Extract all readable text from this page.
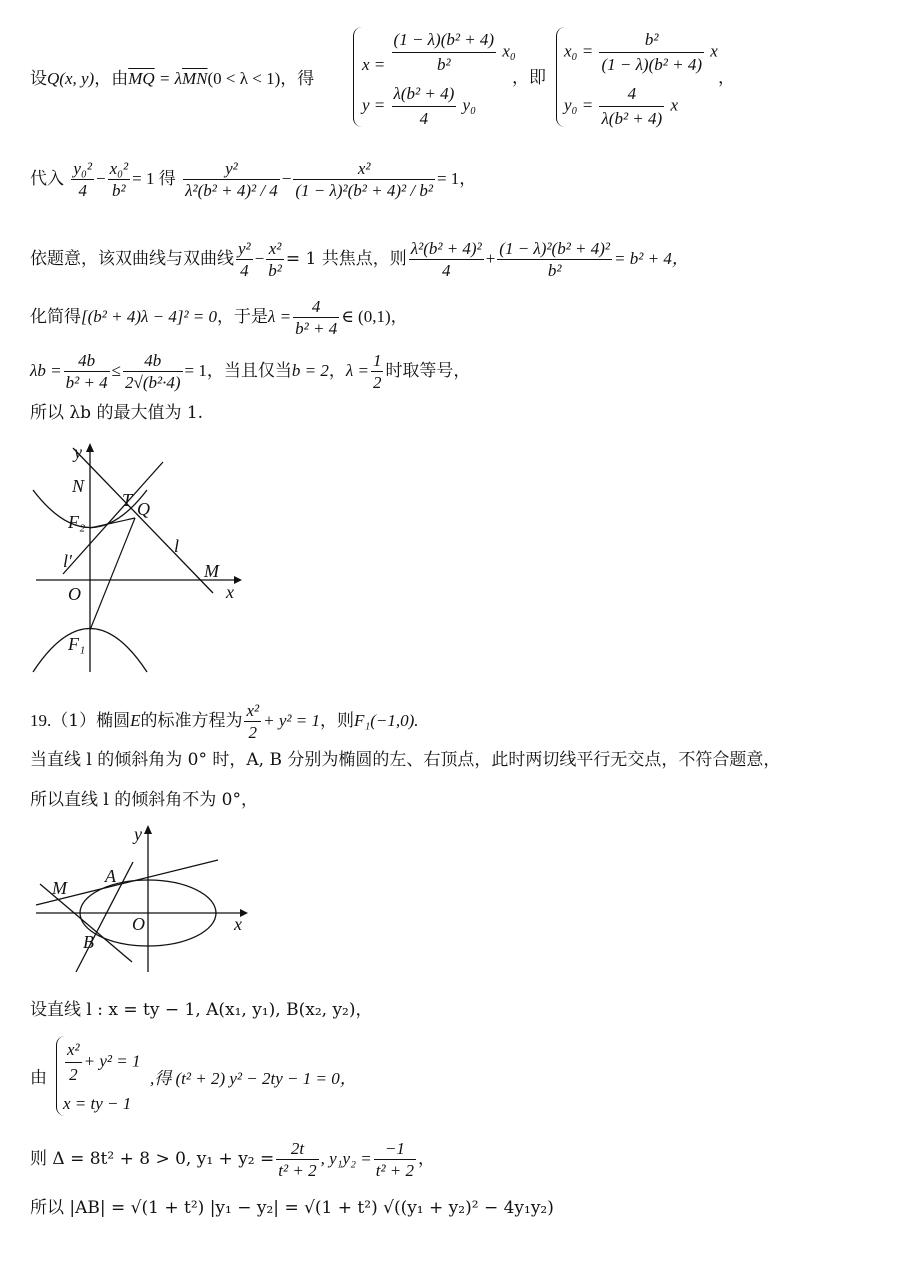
设Q(x, y)，由$\overline{MQ} = \lambda\overline{MN}(0 < \lambda < 1)$，得
$x = \frac{\text{(1 − λ)(b² + 4)}}{\text{b²}} x_0$
$y = \frac{\text{λ(b² + 4)}}{4} y_0$
，即
$x_0 = \frac{\text{b²}}{\text{(1 − λ)(b² + 4)}}$ x
$y_0 = \frac{4}{\text{λ(b² + 4)}}$ x
，
代入 $\frac{\text{y₀²}}{4} - \frac{\text{x₀²}}{\text{b²}} = 1$ 得 $\frac{\text{y²}}{\text{λ²(b² + 4)² / 4}} - \frac{\text{x²}}{\text{(1 − λ)²(b² + 4)² / b²}} = 1$，
依题意，该双曲线与双曲线 $\frac{\text{y²}}{4} - \frac{\text{x²}}{\text{b²}} = 1$ 共焦点，则 $\frac{\text{λ²(b² + 4)²}}{4} + \frac{\text{(1 − λ)²(b² + 4)²}}{\text{b²}} = b^2 + 4$，
化简得[(b² + 4)λ − 4]² = 0，于是$\lambda = \frac{4}{\text{b² + 4}}$ ∈ (0,1)，
$\lambda b = \frac{4b}{\text{b² + 4}} \le \frac{4b}{\text{2√(b²·4)}} = 1$，当且仅当b = 2，$\lambda = \frac{1}{2}$ 时取等号，
所以 λb 的最大值为 1.
y
x
N
T Q
F₂
l
l′	M
O
F₁
19.（1）椭圆E的标准方程为 $\frac{\text{x²}}{2} + y^2 = 1$，则F₁(−1,0).
当直线 l 的倾斜角为 0° 时，A, B 分别为椭圆的左、右顶点，此时两切线平行无交点，不符合题意，
所以直线 l 的倾斜角不为 0°，
y
x
M
A
O
B
设直线 l : x = ty − 1, A(x₁, y₁), B(x₂, y₂)，
由 $\frac{\text{x²}}{2} + y^2 = 1$
x = ty − 1
,得 (t² + 2) y² − 2ty − 1 = 0，
则 Δ = 8t² + 8 > 0, $y_1 + y_2 = \frac{2t}{\text{t² + 2}}$ , $y_1y_2 = \frac{-1}{\text{t² + 2}}$ ，
所以 |AB| = √(1 + t²) |y₁ − y₂| = √(1 + t²) √((y₁ + y₂)² − 4y₁y₂)
